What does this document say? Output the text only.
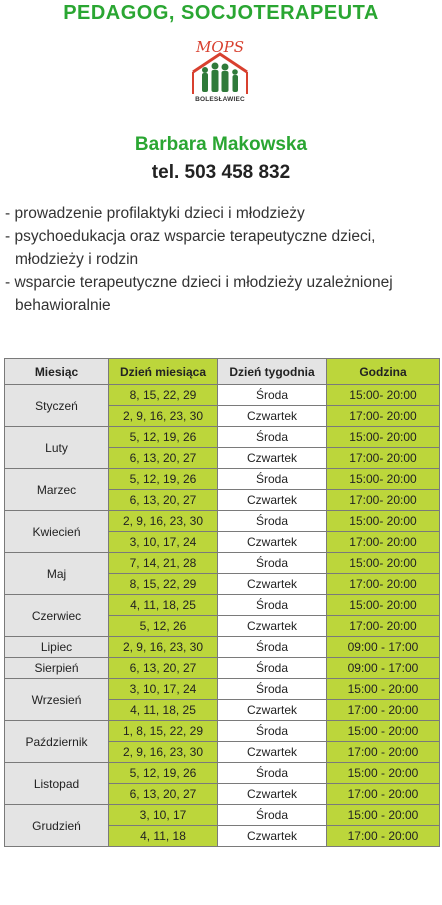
PEDAGOG, SOCJOTERAPEUTA
MOPS
BOLESŁAWIEC
Barbara Makowska
tel. 503 458 832
- prowadzenie profilaktyki dzieci i młodzieży
- psychoedukacja oraz wsparcie terapeutyczne dzieci, młodzieży i rodzin
- wsparcie terapeutyczne dzieci i młodzieży uzależnionej behawioralnie
Miesiąc	Dzień miesiąca	Dzień tygodnia	Godzina
Styczeń	8, 15, 22, 29	Środa	15:00- 20:00
	2, 9, 16, 23, 30	Czwartek	17:00- 20:00
Luty	5, 12, 19, 26	Środa	15:00- 20:00
	6, 13, 20, 27	Czwartek	17:00- 20:00
Marzec	5, 12, 19, 26	Środa	15:00- 20:00
	6, 13, 20, 27	Czwartek	17:00- 20:00
Kwiecień	2, 9, 16, 23, 30	Środa	15:00- 20:00
	3, 10, 17, 24	Czwartek	17:00- 20:00
Maj	7, 14, 21, 28	Środa	15:00- 20:00
	8, 15, 22, 29	Czwartek	17:00- 20:00
Czerwiec	4, 11, 18, 25	Środa	15:00- 20:00
	5, 12, 26	Czwartek	17:00- 20:00
Lipiec	2, 9, 16, 23, 30	Środa	09:00 - 17:00
Sierpień	6, 13, 20, 27	Środa	09:00 - 17:00
Wrzesień	3, 10, 17, 24	Środa	15:00 - 20:00
	4, 11, 18, 25	Czwartek	17:00 - 20:00
Październik	1, 8, 15, 22, 29	Środa	15:00 - 20:00
	2, 9, 16, 23, 30	Czwartek	17:00 - 20:00
Listopad	5, 12, 19, 26	Środa	15:00 - 20:00
	6, 13, 20, 27	Czwartek	17:00 - 20:00
Grudzień	3, 10, 17	Środa	15:00 - 20:00
	4, 11, 18	Czwartek	17:00 - 20:00
